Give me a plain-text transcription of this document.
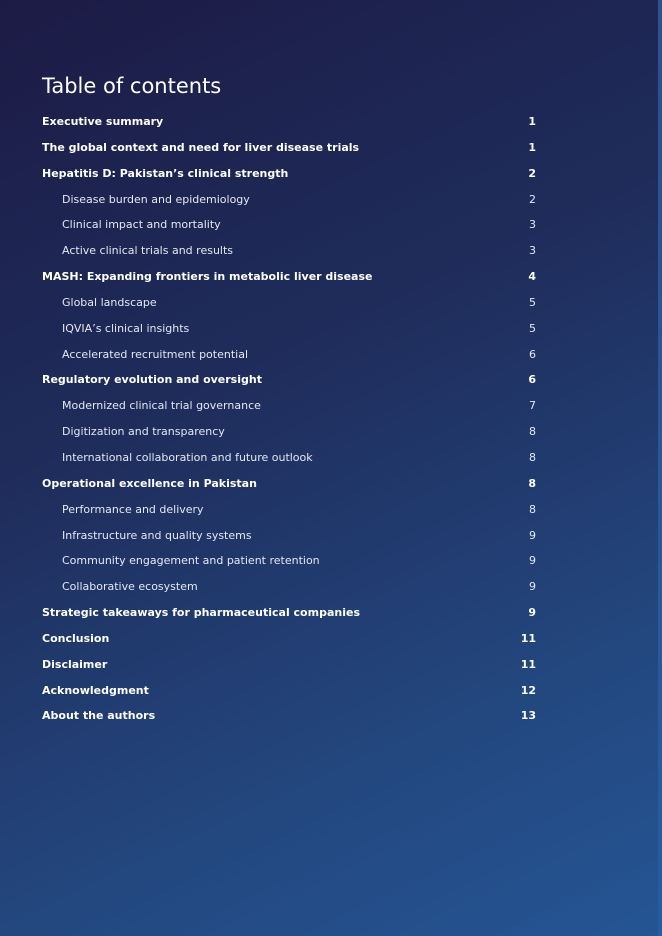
Table of contents
Executive summary	1
The global context and need for liver disease trials	1
Hepatitis D: Pakistan’s clinical strength	2
Disease burden and epidemiology	2
Clinical impact and mortality	3
Active clinical trials and results	3
MASH: Expanding frontiers in metabolic liver disease	4
Global landscape	5
IQVIA’s clinical insights	5
Accelerated recruitment potential	6
Regulatory evolution and oversight	6
Modernized clinical trial governance	7
Digitization and transparency	8
International collaboration and future outlook	8
Operational excellence in Pakistan	8
Performance and delivery	8
Infrastructure and quality systems	9
Community engagement and patient retention	9
Collaborative ecosystem	9
Strategic takeaways for pharmaceutical companies	9
Conclusion	11
Disclaimer	11
Acknowledgment	12
About the authors	13
